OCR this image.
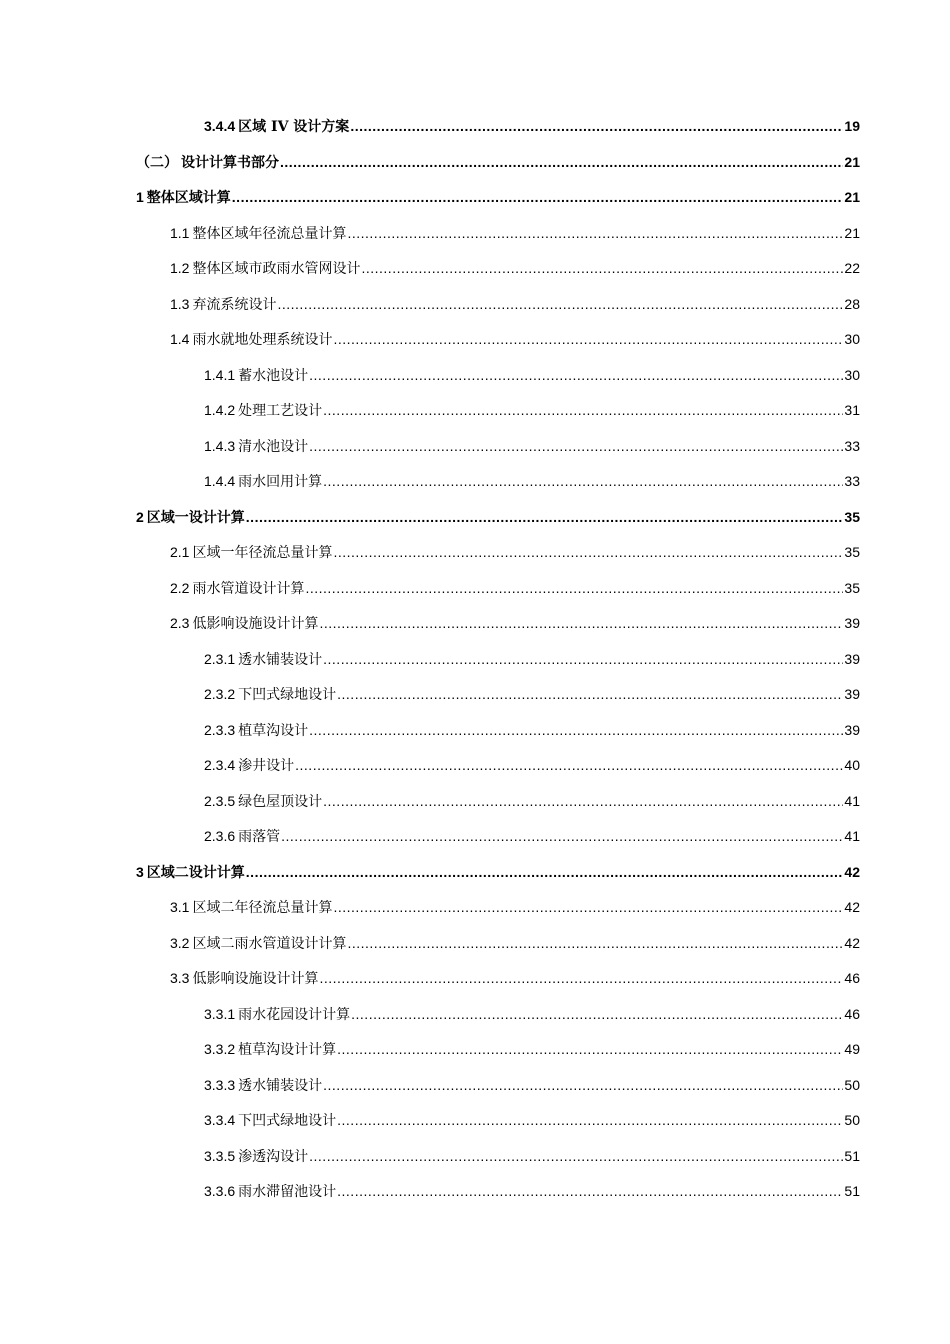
3.4.4 区域 IV 设计方案 .....	19
（二） 设计计算书部分 .....	21
1 整体区域计算 .....	21
1.1 整体区域年径流总量计算 .....	21
1.2 整体区域市政雨水管网设计 .....	22
1.3 弃流系统设计 .....	28
1.4 雨水就地处理系统设计 .....	30
1.4.1 蓄水池设计 .....	30
1.4.2 处理工艺设计 .....	31
1.4.3 清水池设计 .....	33
1.4.4 雨水回用计算 .....	33
2 区域一设计计算 .....	35
2.1 区域一年径流总量计算 .....	35
2.2 雨水管道设计计算 .....	35
2.3 低影响设施设计计算 .....	39
2.3.1 透水铺装设计 .....	39
2.3.2 下凹式绿地设计 .....	39
2.3.3 植草沟设计 .....	39
2.3.4 渗井设计 .....	40
2.3.5 绿色屋顶设计 .....	41
2.3.6 雨落管 .....	41
3 区域二设计计算 .....	42
3.1 区域二年径流总量计算 .....	42
3.2 区域二雨水管道设计计算 .....	42
3.3 低影响设施设计计算 .....	46
3.3.1 雨水花园设计计算 .....	46
3.3.2 植草沟设计计算 .....	49
3.3.3 透水铺装设计 .....	50
3.3.4 下凹式绿地设计 .....	50
3.3.5 渗透沟设计 .....	51
3.3.6 雨水滞留池设计 .....	51
